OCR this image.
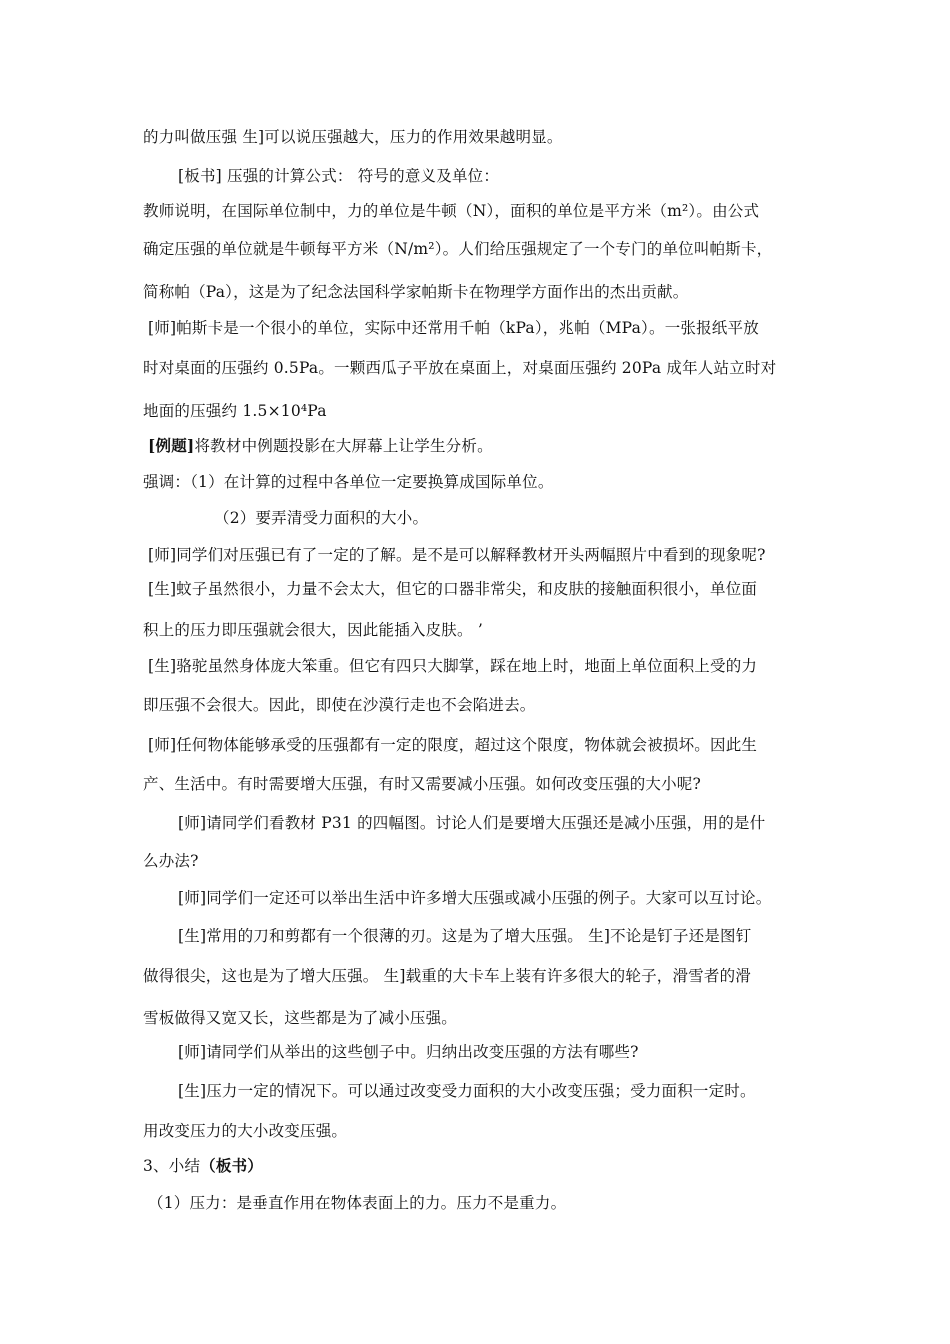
的力叫做压强 生]可以说压强越大，压力的作用效果越明显。
[板书] 压强的计算公式： 符号的意义及单位：
教师说明，在国际单位制中，力的单位是牛顿（N），面积的单位是平方米（m²）。由公式
确定压强的单位就是牛顿每平方米（N/m²）。人们给压强规定了一个专门的单位叫帕斯卡，
简称帕（Pa），这是为了纪念法国科学家帕斯卡在物理学方面作出的杰出贡献。
[师]帕斯卡是一个很小的单位，实际中还常用千帕（kPa），兆帕（MPa）。一张报纸平放
时对桌面的压强约 0.5Pa。一颗西瓜子平放在桌面上，对桌面压强约 20Pa 成年人站立时对
地面的压强约 1.5×10⁴Pa
[例题]将教材中例题投影在大屏幕上让学生分析。
强调：（1）在计算的过程中各单位一定要换算成国际单位。
（2）要弄清受力面积的大小。
[师]同学们对压强已有了一定的了解。是不是可以解释教材开头两幅照片中看到的现象呢?
[生]蚊子虽然很小，力量不会太大，但它的口器非常尖，和皮肤的接触面积很小，单位面
积上的压力即压强就会很大，因此能插入皮肤。 ’
[生]骆驼虽然身体庞大笨重。但它有四只大脚掌，踩在地上时，地面上单位面积上受的力
即压强不会很大。因此，即使在沙漠行走也不会陷进去。
[师]任何物体能够承受的压强都有一定的限度，超过这个限度，物体就会被损坏。因此生
产、生活中。有时需要增大压强，有时又需要减小压强。如何改变压强的大小呢?
[师]请同学们看教材 P31 的四幅图。讨论人们是要增大压强还是减小压强，用的是什
么办法?
[师]同学们一定还可以举出生活中许多增大压强或减小压强的例子。大家可以互讨论。
[生]常用的刀和剪都有一个很薄的刃。这是为了增大压强。 生]不论是钉子还是图钉
做得很尖，这也是为了增大压强。 生]载重的大卡车上装有许多很大的轮子，滑雪者的滑
雪板做得又宽又长，这些都是为了减小压强。
[师]请同学们从举出的这些刨子中。归纳出改变压强的方法有哪些?
[生]压力一定的情况下。可以通过改变受力面积的大小改变压强；受力面积一定时。
用改变压力的大小改变压强。
3、小结（板书）
（1）压力：是垂直作用在物体表面上的力。压力不是重力。
